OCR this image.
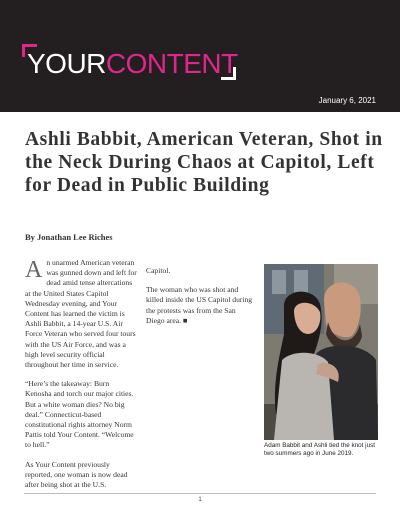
YOURCONTENT
January 6, 2021
Ashli Babbit, American Veteran, Shot in the Neck During Chaos at Capitol, Left for Dead in Public Building
By Jonathan Lee Riches

An unarmed American veteran was gunned down and left for dead amid tense altercations at the United States Capitol Wednesday evening, and Your Content has learned the victim is Ashli Babbit, a 14-year U.S. Air Force Veteran who served four tours with the US Air Force, and was a high level security official throughout her time in service.

“Here’s the takeaway: Burn Kenosha and torch our major cities. But a white woman dies? No big deal.” Connecticut-based constitutional rights attorney Norm Pattis told Your Content. “Welcome to hell.”

As Your Content previously reported, one woman is now dead after being shot at the U.S.

Capitol.

The woman who was shot and killed inside the US Capitol during the protests was from the San Diego area. ■

Adam Babbit and Ashli tied the knot just two summers ago in June 2019.
1
